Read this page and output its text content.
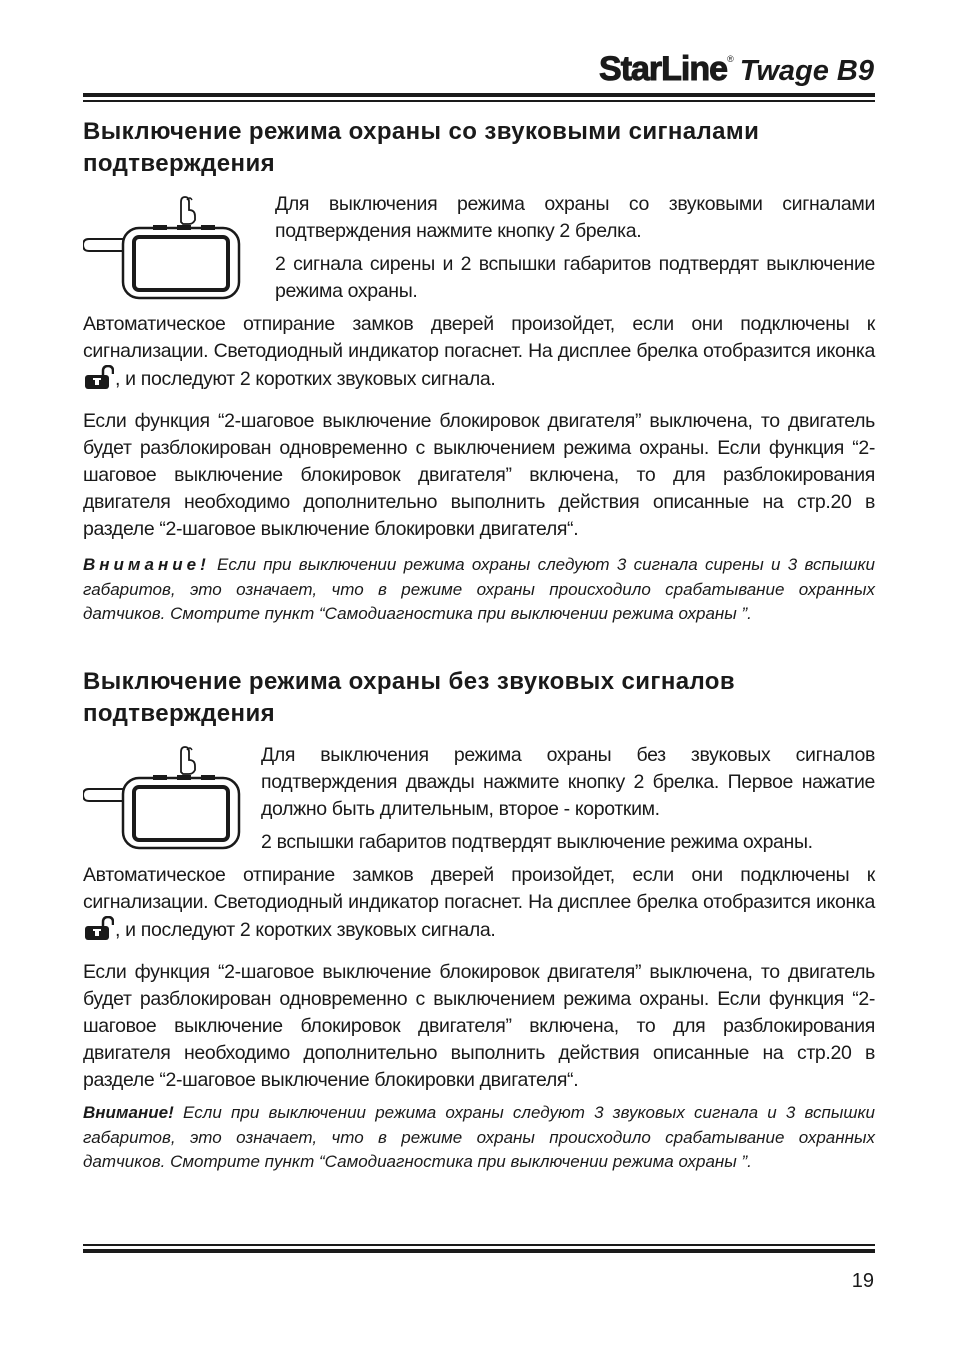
StarLine® Twage B9
Выключение режима охраны со звуковыми сигналами подтверждения

Для выключения режима охраны со звуковыми сигналами подтверждения нажмите кнопку 2 брелка.

2 сигнала сирены и 2 вспышки габаритов подтвердят выключение режима охраны.

Автоматическое отпирание замков дверей произойдет, если они подключены к сигнализации. Светодиодный индикатор погаснет. На дисплее брелка отобразится иконка , и последуют 2 коротких звуковых сигнала.

Если функция “2-шаговое выключение блокировок двигателя” выключена, то двигатель будет разблокирован одновременно с выключением режима охраны. Если функция “2-шаговое выключение блокировок двигателя” включена, то для разблокирования двигателя необходимо дополнительно выполнить действия описанные на стр.20 в разделе “2-шаговое выключение блокировки двигателя“.

Внимание! Если при выключении режима охраны следуют 3 сигнала сирены и 3 вспышки габаритов, это означает, что в режиме охраны происходило срабатывание охранных датчиков. Смотрите пункт “Самодиагностика при выключении режима охраны ”.

Выключение режима охраны без звуковых сигналов подтверждения

Для выключения режима охраны без звуковых сигналов подтверждения дважды нажмите кнопку 2 брелка. Первое нажатие должно быть длительным, второе - коротким.

2 вспышки габаритов подтвердят выключение режима охраны.

Автоматическое отпирание замков дверей произойдет, если они подключены к сигнализации. Светодиодный индикатор погаснет. На дисплее брелка отобразится иконка , и последуют 2 коротких звуковых сигнала.

Если функция “2-шаговое выключение блокировок двигателя” выключена, то двигатель будет разблокирован одновременно с выключением режима охраны. Если функция “2-шаговое выключение блокировок двигателя” включена, то для разблокирования двигателя необходимо дополнительно выполнить действия описанные на стр.20 в разделе “2-шаговое выключение блокировки двигателя“.

Внимание! Если при выключении режима охраны следуют 3 звуковых сигнала и 3 вспышки габаритов, это означает, что в режиме охраны происходило срабатывание охранных датчиков. Смотрите пункт “Самодиагностика при выключении режима охраны ”.

19
